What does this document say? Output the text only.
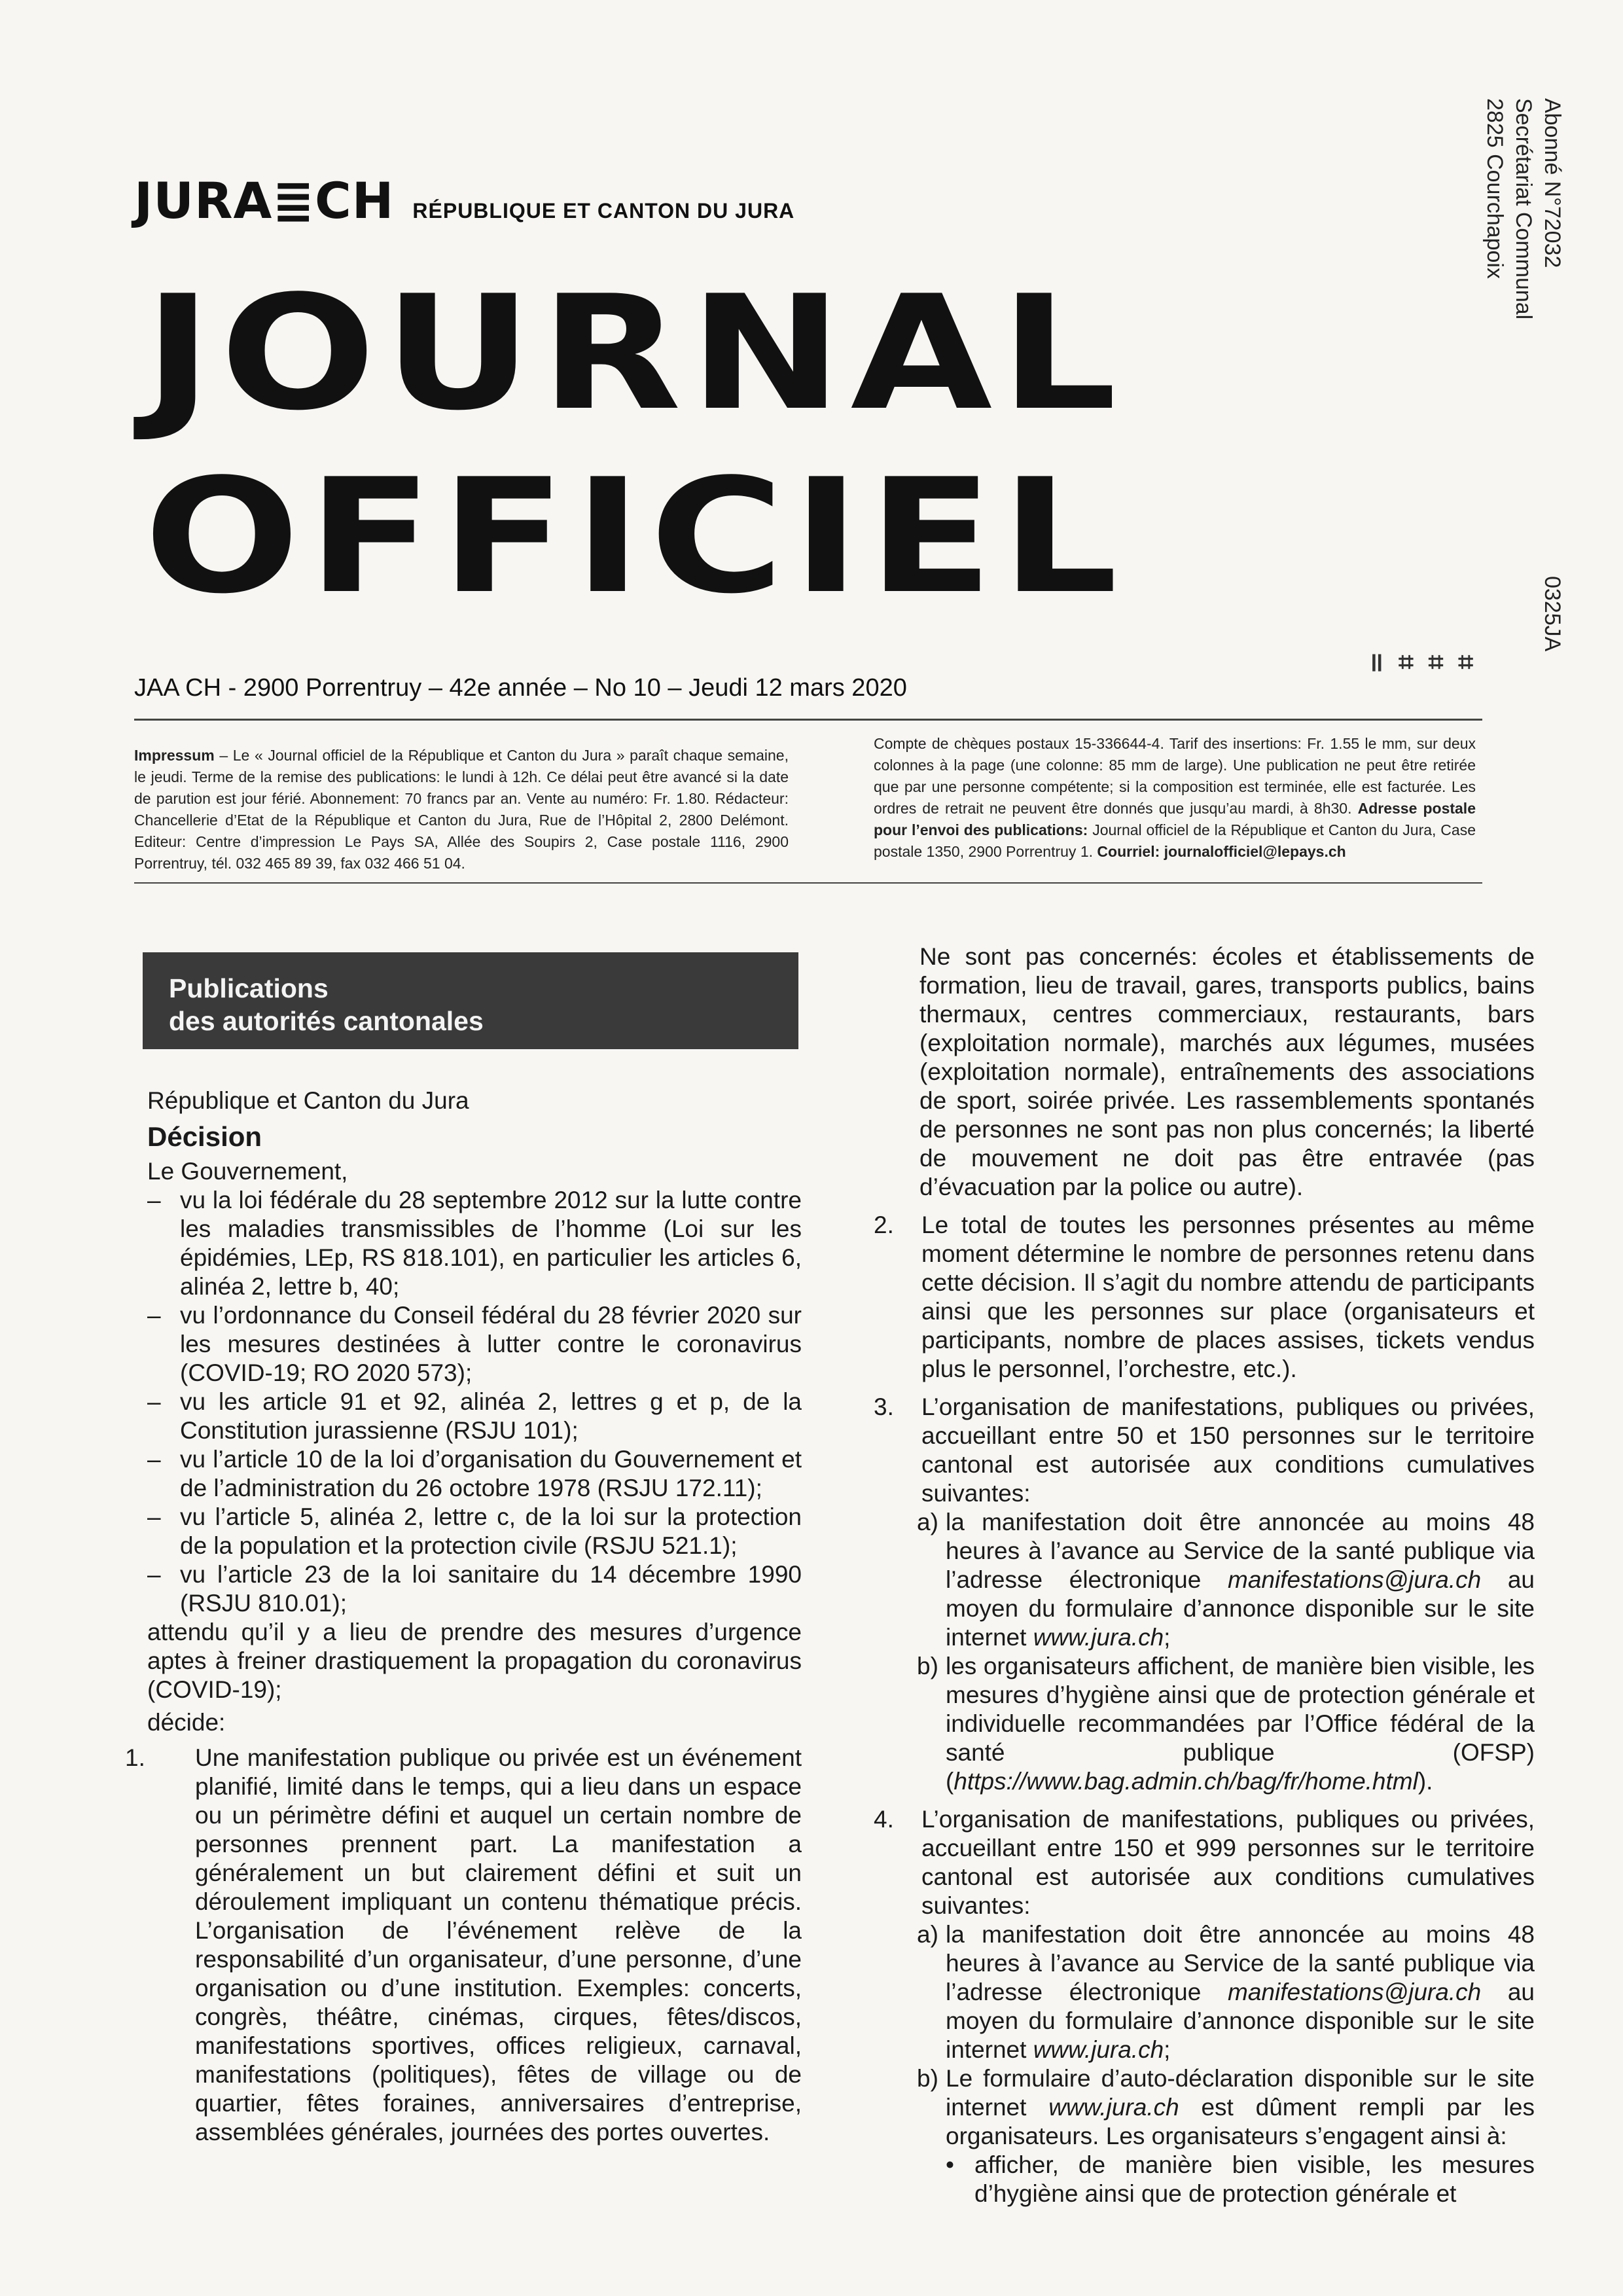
JURA≣CH RÉPUBLIQUE ET CANTON DU JURA
JOURNAL
OFFICIEL
Abonné N°72032
Secrétariat Communal
2825 Courchapoix
0325JA
॥ ⌗ ⌗ ⌗
JAA CH - 2900 Porrentruy – 42e année – No 10 – Jeudi 12 mars 2020
Impressum – Le « Journal officiel de la République et Canton du Jura » paraît chaque semaine, le jeudi. Terme de la remise des publications: le lundi à 12h. Ce délai peut être avancé si la date de parution est jour férié. Abonnement: 70 francs par an. Vente au numéro: Fr. 1.80. Rédacteur: Chancellerie d’Etat de la République et Canton du Jura, Rue de l’Hôpital 2, 2800 Delémont. Editeur: Centre d’impression Le Pays SA, Allée des Soupirs 2, Case postale 1116, 2900 Porrentruy, tél. 032 465 89 39, fax 032 466 51 04.
Compte de chèques postaux 15-336644-4. Tarif des insertions: Fr. 1.55 le mm, sur deux colonnes à la page (une colonne: 85 mm de large). Une publication ne peut être retirée que par une personne compétente; si la composition est terminée, elle est facturée. Les ordres de retrait ne peuvent être donnés que jusqu’au mardi, à 8h30. Adresse postale pour l’envoi des publications: Journal officiel de la République et Canton du Jura, Case postale 1350, 2900 Porrentruy 1. Courriel: journalofficiel@lepays.ch
Publications
des autorités cantonales

République et Canton du Jura

Décision

Le Gouvernement,

– vu la loi fédérale du 28 septembre 2012 sur la lutte contre les maladies transmissibles de l’homme (Loi sur les épidémies, LEp, RS 818.101), en particulier les articles 6, alinéa 2, lettre b, 40;
– vu l’ordonnance du Conseil fédéral du 28 février 2020 sur les mesures destinées à lutter contre le coronavirus (COVID-19; RO 2020 573);
– vu les article 91 et 92, alinéa 2, lettres g et p, de la Constitution jurassienne (RSJU 101);
– vu l’article 10 de la loi d’organisation du Gouvernement et de l’administration du 26 octobre 1978 (RSJU 172.11);
– vu l’article 5, alinéa 2, lettre c, de la loi sur la protection de la population et la protection civile (RSJU 521.1);
– vu l’article 23 de la loi sanitaire du 14 décembre 1990 (RSJU 810.01);

attendu qu’il y a lieu de prendre des mesures d’urgence aptes à freiner drastiquement la propagation du coronavirus (COVID-19);

décide:

1.	Une manifestation publique ou privée est un événement planifié, limité dans le temps, qui a lieu dans un espace ou un périmètre défini et auquel un certain nombre de personnes prennent part. La manifestation a généralement un but clairement défini et suit un déroulement impliquant un contenu thématique précis. L’organisation de l’événement relève de la responsabilité d’un organisateur, d’une personne, d’une organisation ou d’une institution. Exemples: concerts, congrès, théâtre, cinémas, cirques, fêtes/discos, manifestations sportives, offices religieux, carnaval, manifestations (politiques), fêtes de village ou de quartier, fêtes foraines, anniversaires d’entreprise, assemblées générales, journées des portes ouvertes.

Ne sont pas concernés: écoles et établissements de formation, lieu de travail, gares, transports publics, bains thermaux, centres commerciaux, restaurants, bars (exploitation normale), marchés aux légumes, musées (exploitation normale), entraînements des associations de sport, soirée privée. Les rassemblements spontanés de personnes ne sont pas non plus concernés; la liberté de mouvement ne doit pas être entravée (pas d’évacuation par la police ou autre).

2.	Le total de toutes les personnes présentes au même moment détermine le nombre de personnes retenu dans cette décision. Il s’agit du nombre attendu de participants ainsi que les personnes sur place (organisateurs et participants, nombre de places assises, tickets vendus plus le personnel, l’orchestre, etc.).
3.	L’organisation de manifestations, publiques ou privées, accueillant entre 50 et 150 personnes sur le territoire cantonal est autorisée aux conditions cumulatives suivantes:
a) la manifestation doit être annoncée au moins 48 heures à l’avance au Service de la santé publique via l’adresse électronique manifestations@jura.ch au moyen du formulaire d’annonce disponible sur le site internet www.jura.ch;
b) les organisateurs affichent, de manière bien visible, les mesures d’hygiène ainsi que de protection générale et individuelle recommandées par l’Office fédéral de la santé publique (OFSP) (https://www.bag.admin.ch/bag/fr/home.html).
4.	L’organisation de manifestations, publiques ou privées, accueillant entre 150 et 999 personnes sur le territoire cantonal est autorisée aux conditions cumulatives suivantes:
a) la manifestation doit être annoncée au moins 48 heures à l’avance au Service de la santé publique via l’adresse électronique manifestations@jura.ch au moyen du formulaire d’annonce disponible sur le site internet www.jura.ch;
b) Le formulaire d’auto-déclaration disponible sur le site internet www.jura.ch est dûment rempli par les organisateurs. Les organisateurs s’engagent ainsi à:
• afficher, de manière bien visible, les mesures d’hygiène ainsi que de protection générale et
